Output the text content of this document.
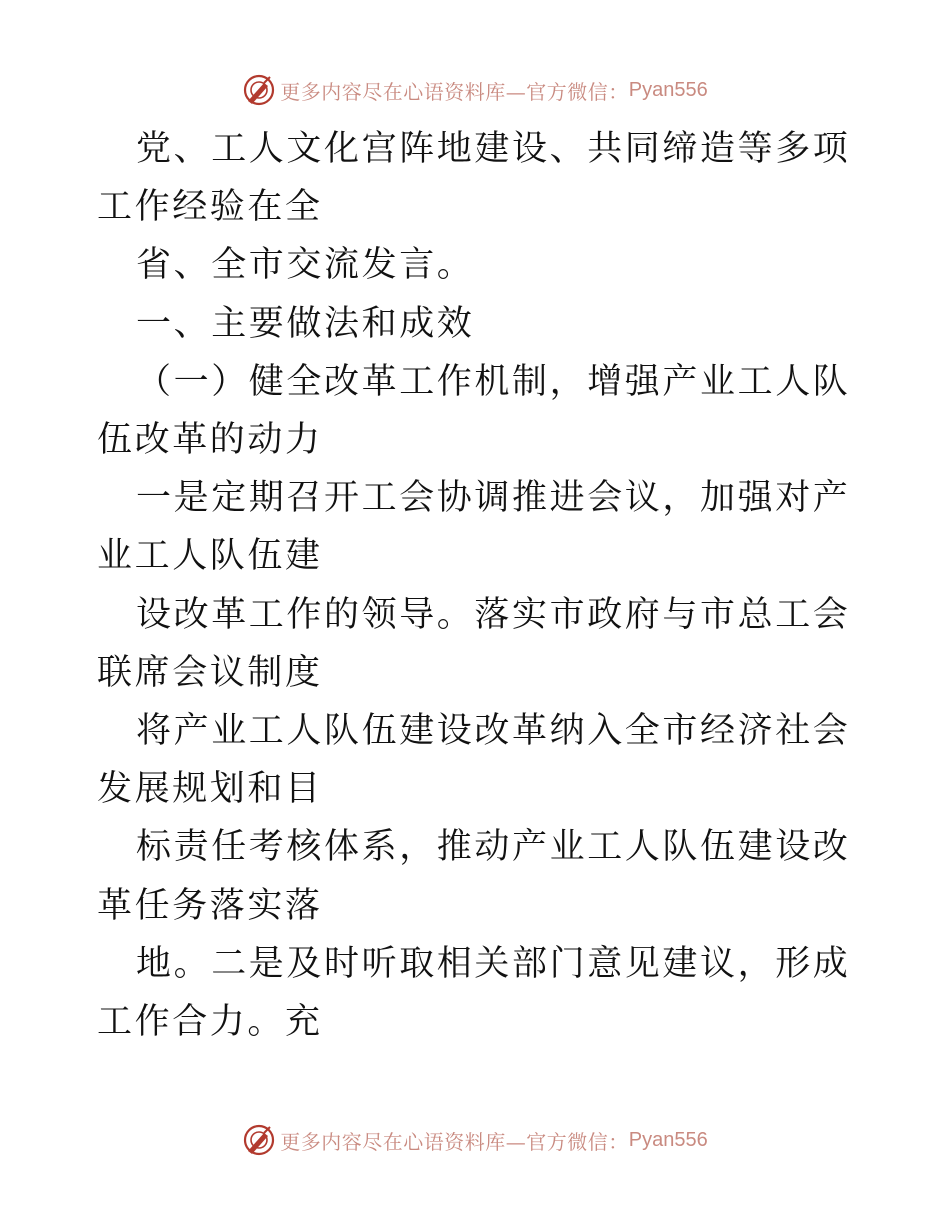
更多内容尽在心语资料库—官方微信： Pyan556

党、工人文化宫阵地建设、共同缔造等多项工作经验在全

省、全市交流发言。

一、主要做法和成效

（一）健全改革工作机制，增强产业工人队伍改革的动力

一是定期召开工会协调推进会议，加强对产业工人队伍建

设改革工作的领导。落实市政府与市总工会联席会议制度

将产业工人队伍建设改革纳入全市经济社会发展规划和目

标责任考核体系，推动产业工人队伍建设改革任务落实落

地。二是及时听取相关部门意见建议，形成工作合力。充

更多内容尽在心语资料库—官方微信： Pyan556
